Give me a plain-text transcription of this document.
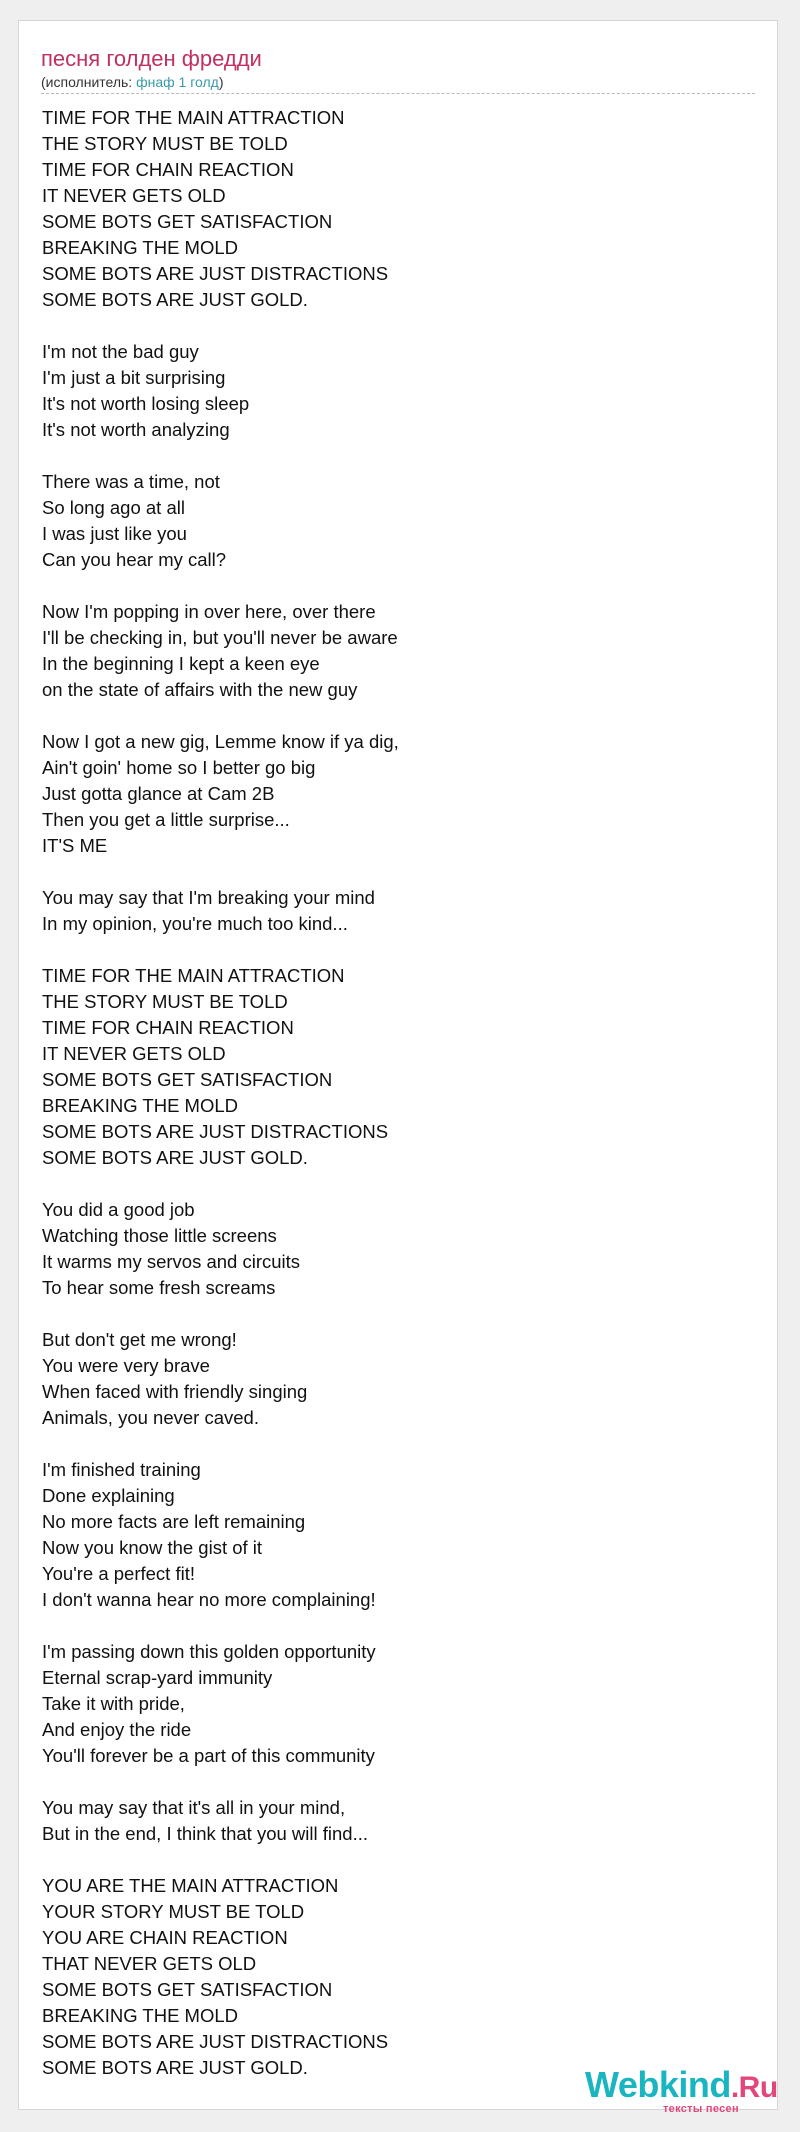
песня голден фредди

(исполнитель: фнаф 1 голд)

TIME FOR THE MAIN ATTRACTION
THE STORY MUST BE TOLD
TIME FOR CHAIN REACTION
IT NEVER GETS OLD
SOME BOTS GET SATISFACTION
BREAKING THE MOLD
SOME BOTS ARE JUST DISTRACTIONS
SOME BOTS ARE JUST GOLD.
I'm not the bad guy
I'm just a bit surprising
It's not worth losing sleep
It's not worth analyzing
There was a time, not
So long ago at all
I was just like you
Can you hear my call?
Now I'm popping in over here, over there
I'll be checking in, but you'll never be aware
In the beginning I kept a keen eye
on the state of affairs with the new guy
Now I got a new gig, Lemme know if ya dig,
Ain't goin' home so I better go big
Just gotta glance at Cam 2B
Then you get a little surprise...
IT'S ME
You may say that I'm breaking your mind
In my opinion, you're much too kind...
TIME FOR THE MAIN ATTRACTION
THE STORY MUST BE TOLD
TIME FOR CHAIN REACTION
IT NEVER GETS OLD
SOME BOTS GET SATISFACTION
BREAKING THE MOLD
SOME BOTS ARE JUST DISTRACTIONS
SOME BOTS ARE JUST GOLD.
You did a good job
Watching those little screens
It warms my servos and circuits
To hear some fresh screams
But don't get me wrong!
You were very brave
When faced with friendly singing
Animals, you never caved.
I'm finished training
Done explaining
No more facts are left remaining
Now you know the gist of it
You're a perfect fit!
I don't wanna hear no more complaining!
I'm passing down this golden opportunity
Eternal scrap-yard immunity
Take it with pride,
And enjoy the ride
You'll forever be a part of this community
You may say that it's all in your mind,
But in the end, I think that you will find...
YOU ARE THE MAIN ATTRACTION
YOUR STORY MUST BE TOLD
YOU ARE CHAIN REACTION
THAT NEVER GETS OLD
SOME BOTS GET SATISFACTION
BREAKING THE MOLD
SOME BOTS ARE JUST DISTRACTIONS
SOME BOTS ARE JUST GOLD.	Webkind.Ru
тексты песен
